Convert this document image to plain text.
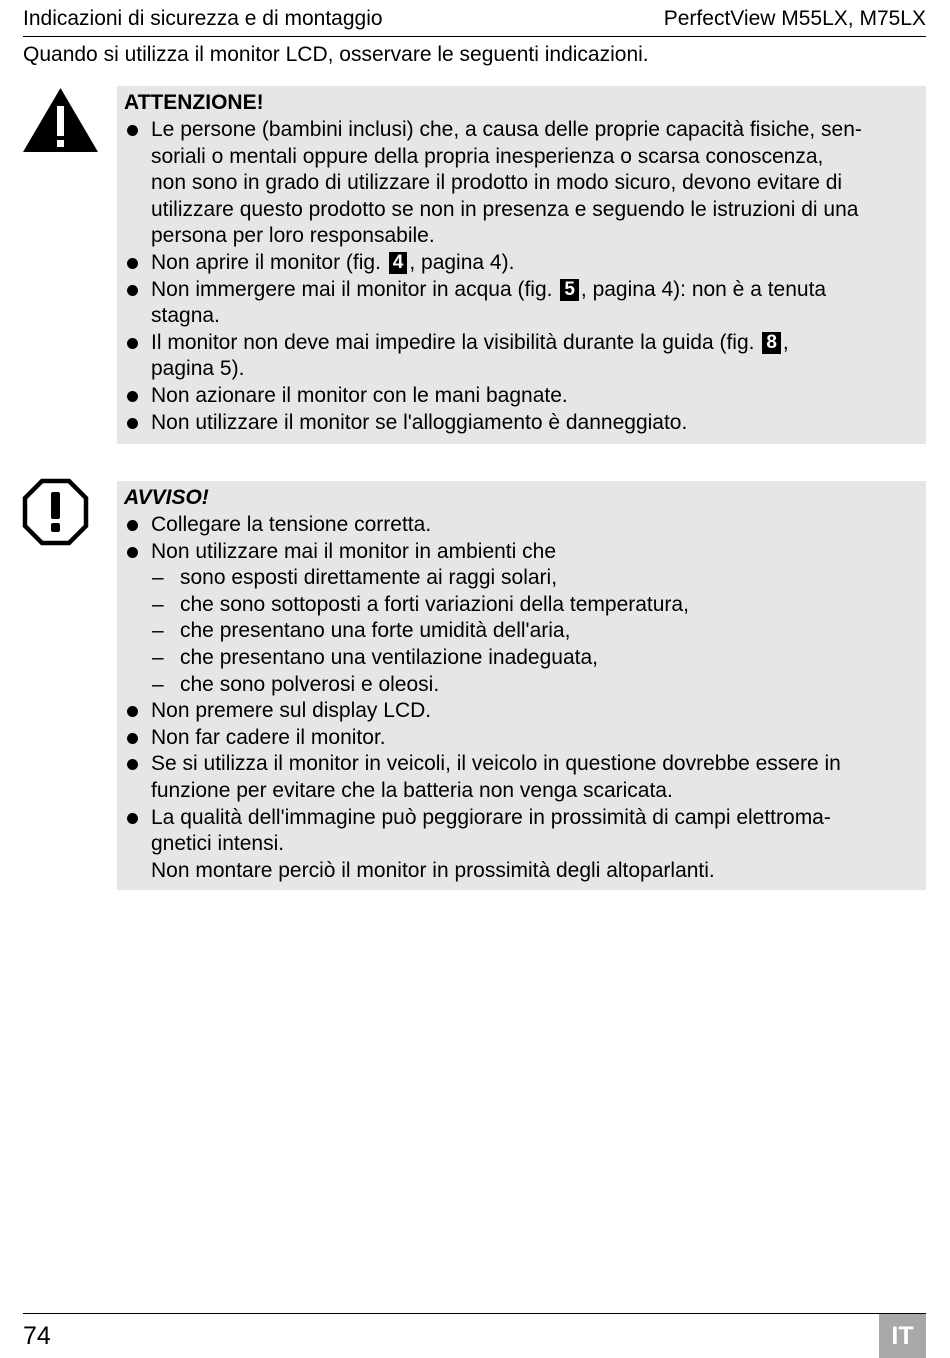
Indicazioni di sicurezza e di montaggio	PerfectView M55LX, M75LX
Quando si utilizza il monitor LCD, osservare le seguenti indicazioni.
ATTENZIONE!
Le persone (bambini inclusi) che, a causa delle proprie capacità fisiche, sen-
soriali o mentali oppure della propria inesperienza o scarsa conoscenza,
non sono in grado di utilizzare il prodotto in modo sicuro, devono evitare di
utilizzare questo prodotto se non in presenza e seguendo le istruzioni di una
persona per loro responsabile.
Non aprire il monitor (fig. 4 , pagina 4).
Non immergere mai il monitor in acqua (fig. 5 , pagina 4): non è a tenuta
stagna.
Il monitor non deve mai impedire la visibilità durante la guida (fig. 8 ,
pagina 5).
Non azionare il monitor con le mani bagnate.
Non utilizzare il monitor se l'alloggiamento è danneggiato.
AVVISO!
Collegare la tensione corretta.
Non utilizzare mai il monitor in ambienti che
– sono esposti direttamente ai raggi solari,
– che sono sottoposti a forti variazioni della temperatura,
– che presentano una forte umidità dell'aria,
– che presentano una ventilazione inadeguata,
– che sono polverosi e oleosi.
Non premere sul display LCD.
Non far cadere il monitor.
Se si utilizza il monitor in veicoli, il veicolo in questione dovrebbe essere in
funzione per evitare che la batteria non venga scaricata.
La qualità dell'immagine può peggiorare in prossimità di campi elettroma-
gnetici intensi.
Non montare perciò il monitor in prossimità degli altoparlanti.
74	IT
